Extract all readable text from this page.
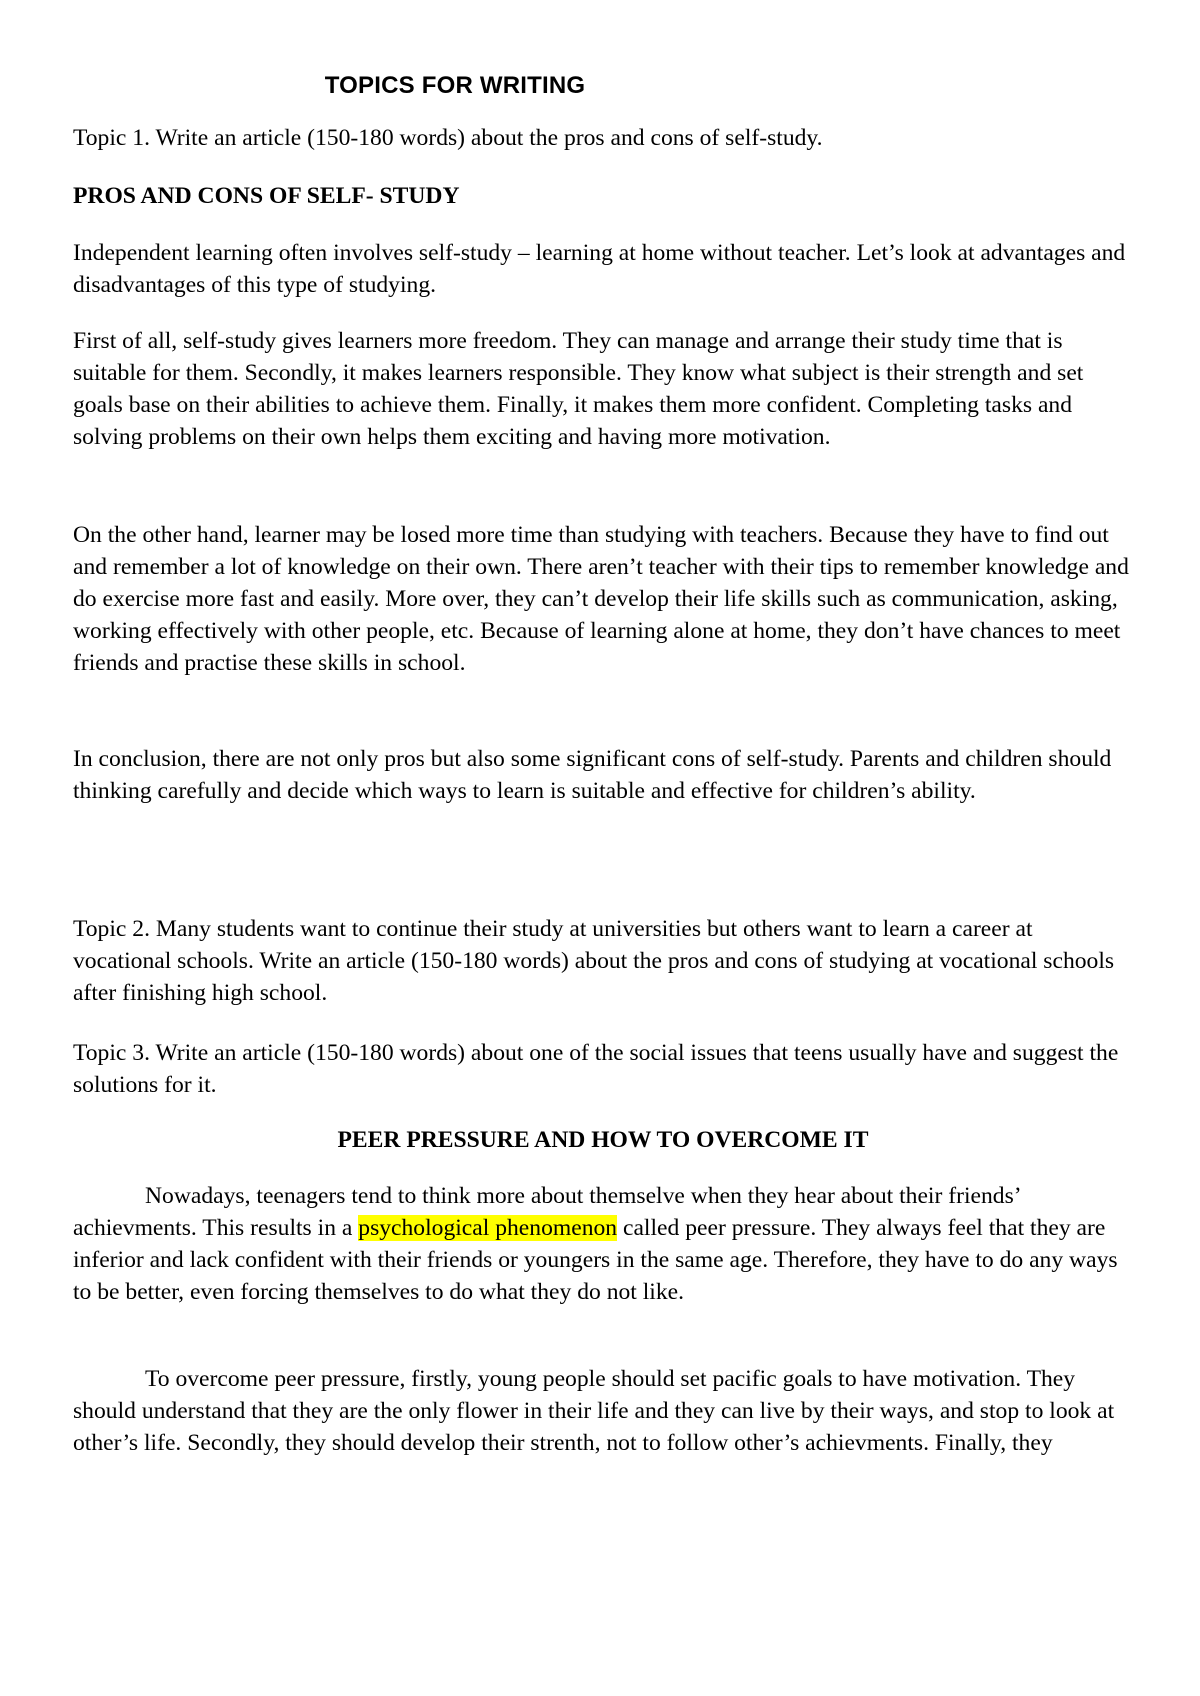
TOPICS FOR WRITING

Topic 1. Write an article (150-180 words) about the pros and cons of self-study.

PROS AND CONS OF SELF- STUDY

Independent learning often involves self-study – learning at home without teacher. Let’s look at advantages and disadvantages of this type of studying.

First of all, self-study gives learners more freedom. They can manage and arrange their study time that is suitable for them. Secondly, it makes learners responsible. They know what subject is their strength and set goals base on their abilities to achieve them. Finally, it makes them more confident. Completing tasks and solving problems on their own helps them exciting and having more motivation.

On the other hand, learner may be losed more time than studying with teachers. Because they have to find out and remember a lot of knowledge on their own. There aren’t teacher with their tips to remember knowledge and do exercise more fast and easily. More over, they can’t develop their life skills such as communication, asking, working effectively with other people, etc. Because of learning alone at home, they don’t have chances to meet friends and practise these skills in school.

In conclusion, there are not only pros but also some significant cons of self-study. Parents and children should thinking carefully and decide which ways to learn is suitable and effective for children’s ability.

Topic 2. Many students want to continue their study at universities but others want to learn a career at vocational schools. Write an article (150-180 words) about the pros and cons of studying at vocational schools after finishing high school.

Topic 3. Write an article (150-180 words) about one of the social issues that teens usually have and suggest the solutions for it.

PEER PRESSURE AND HOW TO OVERCOME IT

Nowadays, teenagers tend to think more about themselve when they hear about their friends’ achievments. This results in a psychological phenomenon called peer pressure. They always feel that they are inferior and lack confident with their friends or youngers in the same age. Therefore, they have to do any ways to be better, even forcing themselves to do what they do not like.

To overcome peer pressure, firstly, young people should set pacific goals to have motivation. They should understand that they are the only flower in their life and they can live by their ways, and stop to look at other’s life. Secondly, they should develop their strenth, not to follow other’s achievments. Finally, they
